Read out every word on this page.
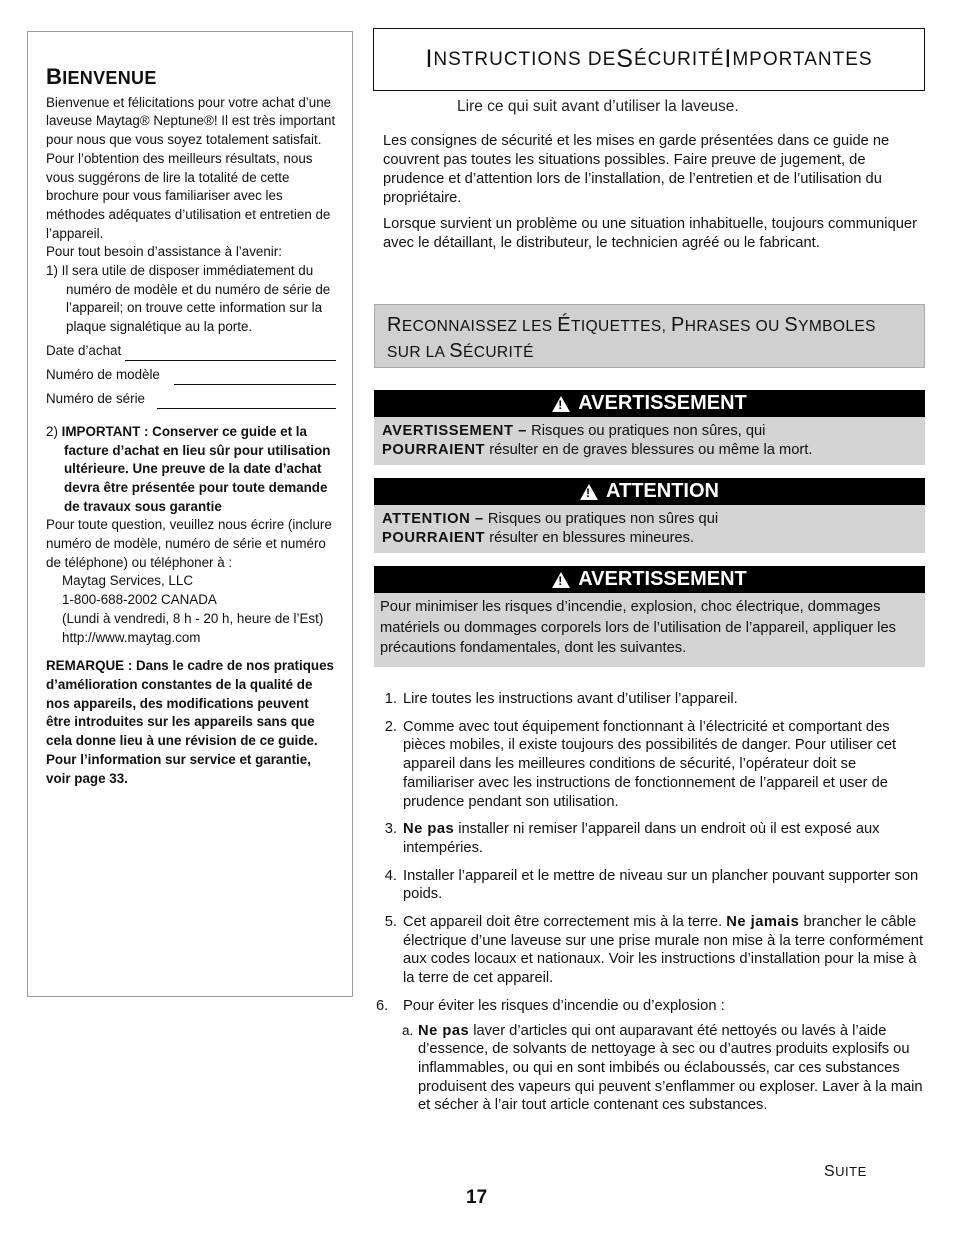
BIENVENUE

Bienvenue et félicitations pour votre achat d’une laveuse Maytag® Neptune®! Il est très important pour nous que vous soyez totalement satisfait. Pour l’obtention des meilleurs résultats, nous vous suggérons de lire la totalité de cette brochure pour vous familiariser avec les méthodes adéquates d’utilisation et entretien de l’appareil.

Pour tout besoin d’assistance à l’avenir:

1) Il sera utile de disposer immédiatement du numéro de modèle et du numéro de série de l’appareil; on trouve cette information sur la plaque signalétique au la porte.

Date d’achat
Numéro de modèle
Numéro de série

2) IMPORTANT : Conserver ce guide et la facture d’achat en lieu sûr pour utilisation ultérieure. Une preuve de la date d’achat devra être présentée pour toute demande de travaux sous garantie

Pour toute question, veuillez nous écrire (inclure numéro de modèle, numéro de série et numéro de téléphone) ou téléphoner à :

Maytag Services, LLC
1-800-688-2002 CANADA
(Lundi à vendredi, 8 h - 20 h, heure de l’Est)
http://www.maytag.com

REMARQUE : Dans le cadre de nos pratiques d’amélioration constantes de la qualité de nos appareils, des modifications peuvent être introduites sur les appareils sans que cela donne lieu à une révision de ce guide.

Pour l’information sur service et garantie, voir page 33.

I NSTRUCTIONS DE S ÉCURITÉ I MPORTANTES
Lire ce qui suit avant d’utiliser la laveuse.

Les consignes de sécurité et les mises en garde présentées dans ce guide ne couvrent pas toutes les situations possibles. Faire preuve de jugement, de prudence et d’attention lors de l’installation, de l’entretien et de l’utilisation du propriétaire.

Lorsque survient un problème ou une situation inhabituelle, toujours communiquer avec le détaillant, le distributeur, le technicien agréé ou le fabricant.

RECONNAISSEZ LES ÉTIQUETTES, PHRASES OU SYMBOLES
SUR LA SÉCURITÉ
!
AVERTISSEMENT
AVERTISSEMENT – Risques ou pratiques non sûres, qui
POURRAIENT résulter en de graves blessures ou même la mort.
!
ATTENTION
ATTENTION – Risques ou pratiques non sûres qui
POURRAIENT résulter en blessures mineures.
!
AVERTISSEMENT
Pour minimiser les risques d’incendie, explosion, choc électrique, dommages matériels ou dommages corporels lors de l’utilisation de l’appareil, appliquer les précautions fondamentales, dont les suivantes.
1. Lire toutes les instructions avant d’utiliser l’appareil.
2. Comme avec tout équipement fonctionnant à l’électricité et comportant des pièces mobiles, il existe toujours des possibilités de danger. Pour utiliser cet appareil dans les meilleures conditions de sécurité, l’opérateur doit se familiariser avec les instructions de fonctionnement de l’appareil et user de prudence pendant son utilisation.
3. Ne pas installer ni remiser l’appareil dans un endroit où il est exposé aux intempéries.
4. Installer l’appareil et le mettre de niveau sur un plancher pouvant supporter son poids.
5. Cet appareil doit être correctement mis à la terre. Ne jamais brancher le câble électrique d’une laveuse sur une prise murale non mise à la terre conformément aux codes locaux et nationaux. Voir les instructions d’installation pour la mise à la terre de cet appareil.
6.	Pour éviter les risques d’incendie ou d’explosion :
a. Ne pas laver d’articles qui ont auparavant été nettoyés ou lavés à l’aide d’essence, de solvants de nettoyage à sec ou d’autres produits explosifs ou inflammables, ou qui en sont imbibés ou éclaboussés, car ces substances produisent des vapeurs qui peuvent s’enflammer ou exploser. Laver à la main et sécher à l’air tout article contenant ces substances.
SUITE
17
